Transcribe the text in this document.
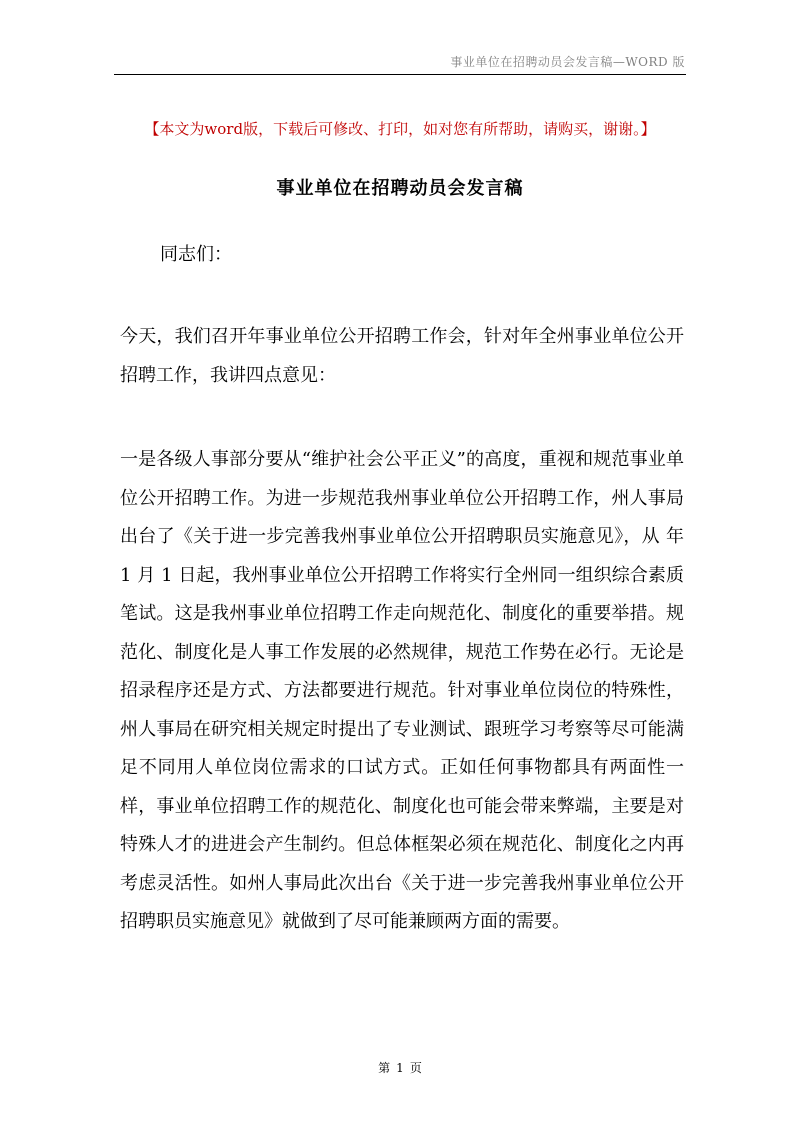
事业单位在招聘动员会发言稿—WORD 版
【本文为word版，下载后可修改、打印，如对您有所帮助，请购买，谢谢。】
事业单位在招聘动员会发言稿
同志们：

今天，我们召开年事业单位公开招聘工作会，针对年全州事业单位公开招聘工作，我讲四点意见：

一是各级人事部分要从“维护社会公平正义”的高度，重视和规范事业单位公开招聘工作。为进一步规范我州事业单位公开招聘工作，州人事局出台了《关于进一步完善我州事业单位公开招聘职员实施意见》，从 年 1 月 1 日起，我州事业单位公开招聘工作将实行全州同一组织综合素质笔试。这是我州事业单位招聘工作走向规范化、制度化的重要举措。规范化、制度化是人事工作发展的必然规律，规范工作势在必行。无论是招录程序还是方式、方法都要进行规范。针对事业单位岗位的特殊性，州人事局在研究相关规定时提出了专业测试、跟班学习考察等尽可能满足不同用人单位岗位需求的口试方式。正如任何事物都具有两面性一样，事业单位招聘工作的规范化、制度化也可能会带来弊端，主要是对特殊人才的进进会产生制约。但总体框架必须在规范化、制度化之内再考虑灵活性。如州人事局此次出台《关于进一步完善我州事业单位公开招聘职员实施意见》就做到了尽可能兼顾两方面的需要。

第 1 页
